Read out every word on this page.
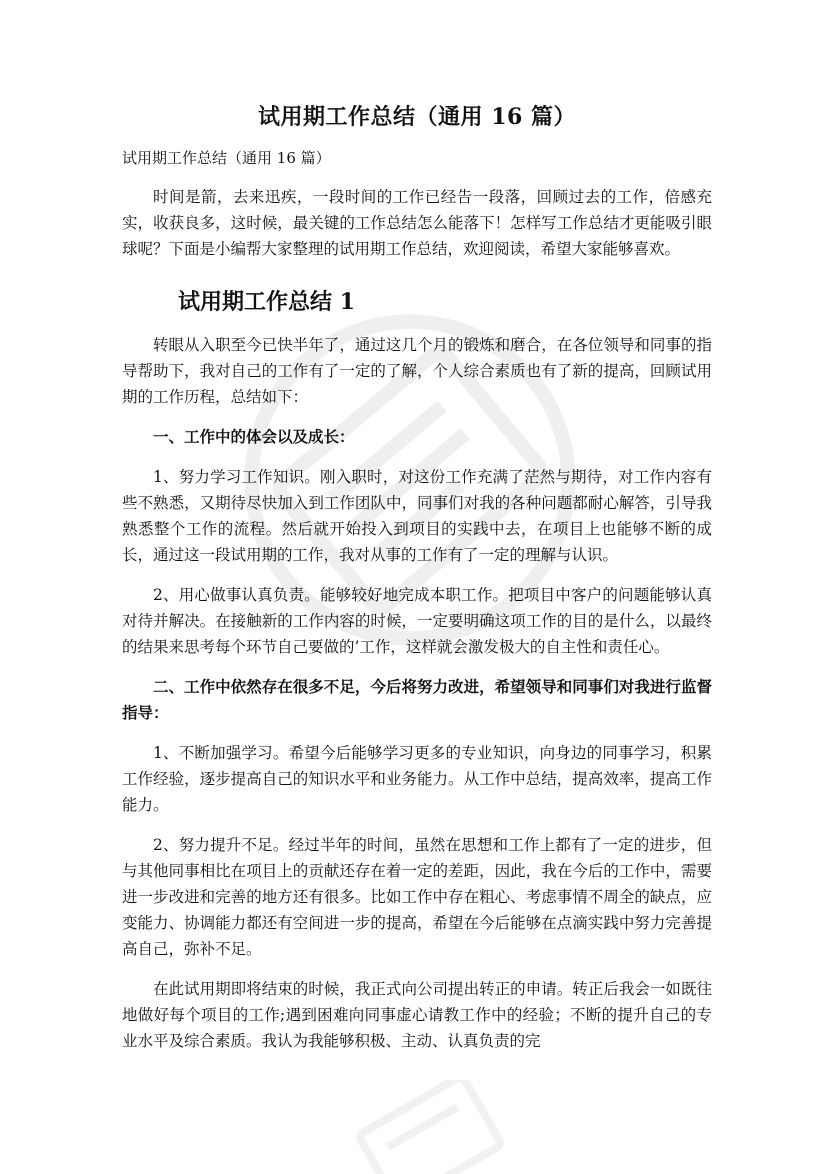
试用期工作总结（通用 16 篇）
试用期工作总结（通用 16 篇）

时间是箭，去来迅疾，一段时间的工作已经告一段落，回顾过去的工作，倍感充实，收获良多，这时候，最关键的工作总结怎么能落下！怎样写工作总结才更能吸引眼球呢？下面是小编帮大家整理的试用期工作总结，欢迎阅读，希望大家能够喜欢。

试用期工作总结 1

转眼从入职至今已快半年了，通过这几个月的锻炼和磨合，在各位领导和同事的指导帮助下，我对自己的工作有了一定的了解，个人综合素质也有了新的提高，回顾试用期的工作历程，总结如下：

一、工作中的体会以及成长：

1、努力学习工作知识。刚入职时，对这份工作充满了茫然与期待，对工作内容有些不熟悉，又期待尽快加入到工作团队中，同事们对我的各种问题都耐心解答，引导我熟悉整个工作的流程。然后就开始投入到项目的实践中去，在项目上也能够不断的成长，通过这一段试用期的工作，我对从事的工作有了一定的理解与认识。

2、用心做事认真负责。能够较好地完成本职工作。把项目中客户的问题能够认真对待并解决。在接触新的工作内容的时候，一定要明确这项工作的目的是什么，以最终的结果来思考每个环节自己要做的’工作，这样就会激发极大的自主性和责任心。

二、工作中依然存在很多不足，今后将努力改进，希望领导和同事们对我进行监督指导：

1、不断加强学习。希望今后能够学习更多的专业知识，向身边的同事学习，积累工作经验，逐步提高自己的知识水平和业务能力。从工作中总结，提高效率，提高工作能力。

2、努力提升不足。经过半年的时间，虽然在思想和工作上都有了一定的进步，但与其他同事相比在项目上的贡献还存在着一定的差距，因此，我在今后的工作中，需要进一步改进和完善的地方还有很多。比如工作中存在粗心、考虑事情不周全的缺点，应变能力、协调能力都还有空间进一步的提高，希望在今后能够在点滴实践中努力完善提高自己，弥补不足。

在此试用期即将结束的时候，我正式向公司提出转正的申请。转正后我会一如既往地做好每个项目的工作;遇到困难向同事虚心请教工作中的经验；不断的提升自己的专业水平及综合素质。我认为我能够积极、主动、认真负责的完
